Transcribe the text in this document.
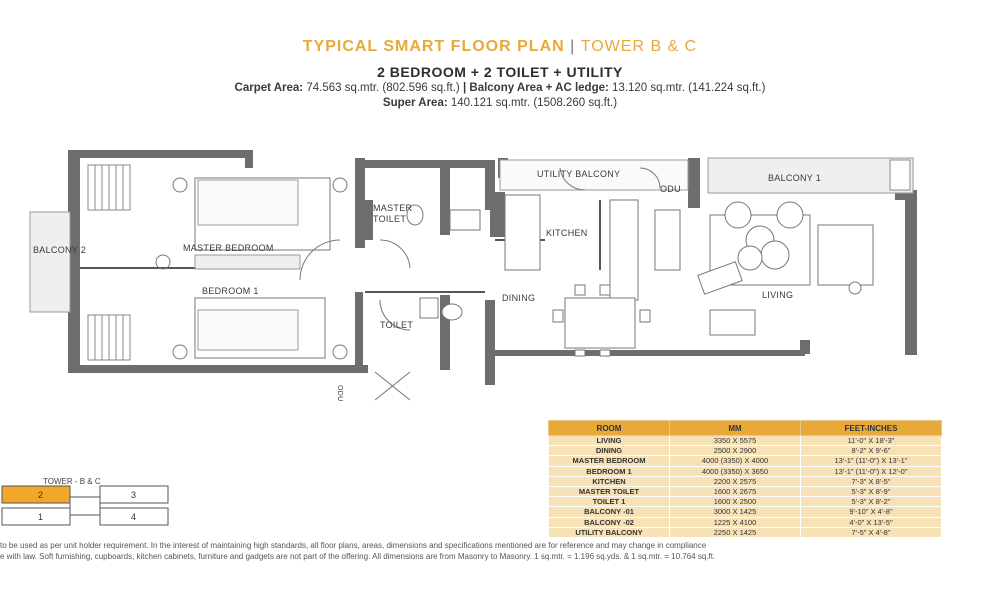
TYPICAL SMART FLOOR PLAN | TOWER B & C
2 BEDROOM + 2 TOILET + UTILITY
Carpet Area: 74.563 sq.mtr. (802.596 sq.ft.) | Balcony Area + AC ledge: 13.120 sq.mtr. (141.224 sq.ft.)
Super Area: 140.121 sq.mtr. (1508.260 sq.ft.)
UTILITY BALCONY
ODU
BALCONY 1
MASTER
TOILET
KITCHEN
MASTER BEDROOM
BALCONY 2
BEDROOM 1
DINING	LIVING
TOILET
ODU
ROOM	MM	FEET-INCHES
LIVING	3350 X 5575	11'-0" X 18'-3"
DINING	2500 X 2900	8'-2" X 9'-6"
MASTER BEDROOM	4000 (3350) X 4000	13'-1" (11'-0") X 13'-1"
BEDROOM 1	4000 (3350) X 3650	13'-1" (11'-0") X 12'-0"
KITCHEN	2200 X 2575	7'-3" X 8'-5"
MASTER TOILET	1600 X 2675	5'-3" X 8'-9"
TOILET 1	1600 X 2500	5'-3" X 8'-2"
BALCONY -01	3000 X 1425	9'-10" X 4'-8"
BALCONY -02	1225 X 4100	4'-0" X 13'-5"
UTILITY BALCONY	2250 X 1425	7'-5" X 4'-8"
TOWER - B & C
2	3
1	4
to be used as per unit holder requirement. In the interest of maintaining high standards, all floor plans, areas, dimensions and specifications mentioned are for reference and may change in compliance
e with law. Soft furnishing, cupboards, kitchen cabinets, furniture and gadgets are not part of the offering. All dimensions are from Masonry to Masonry. 1 sq.mtr. = 1.196 sq.yds. & 1 sq.mtr. = 10.764 sq.ft.
